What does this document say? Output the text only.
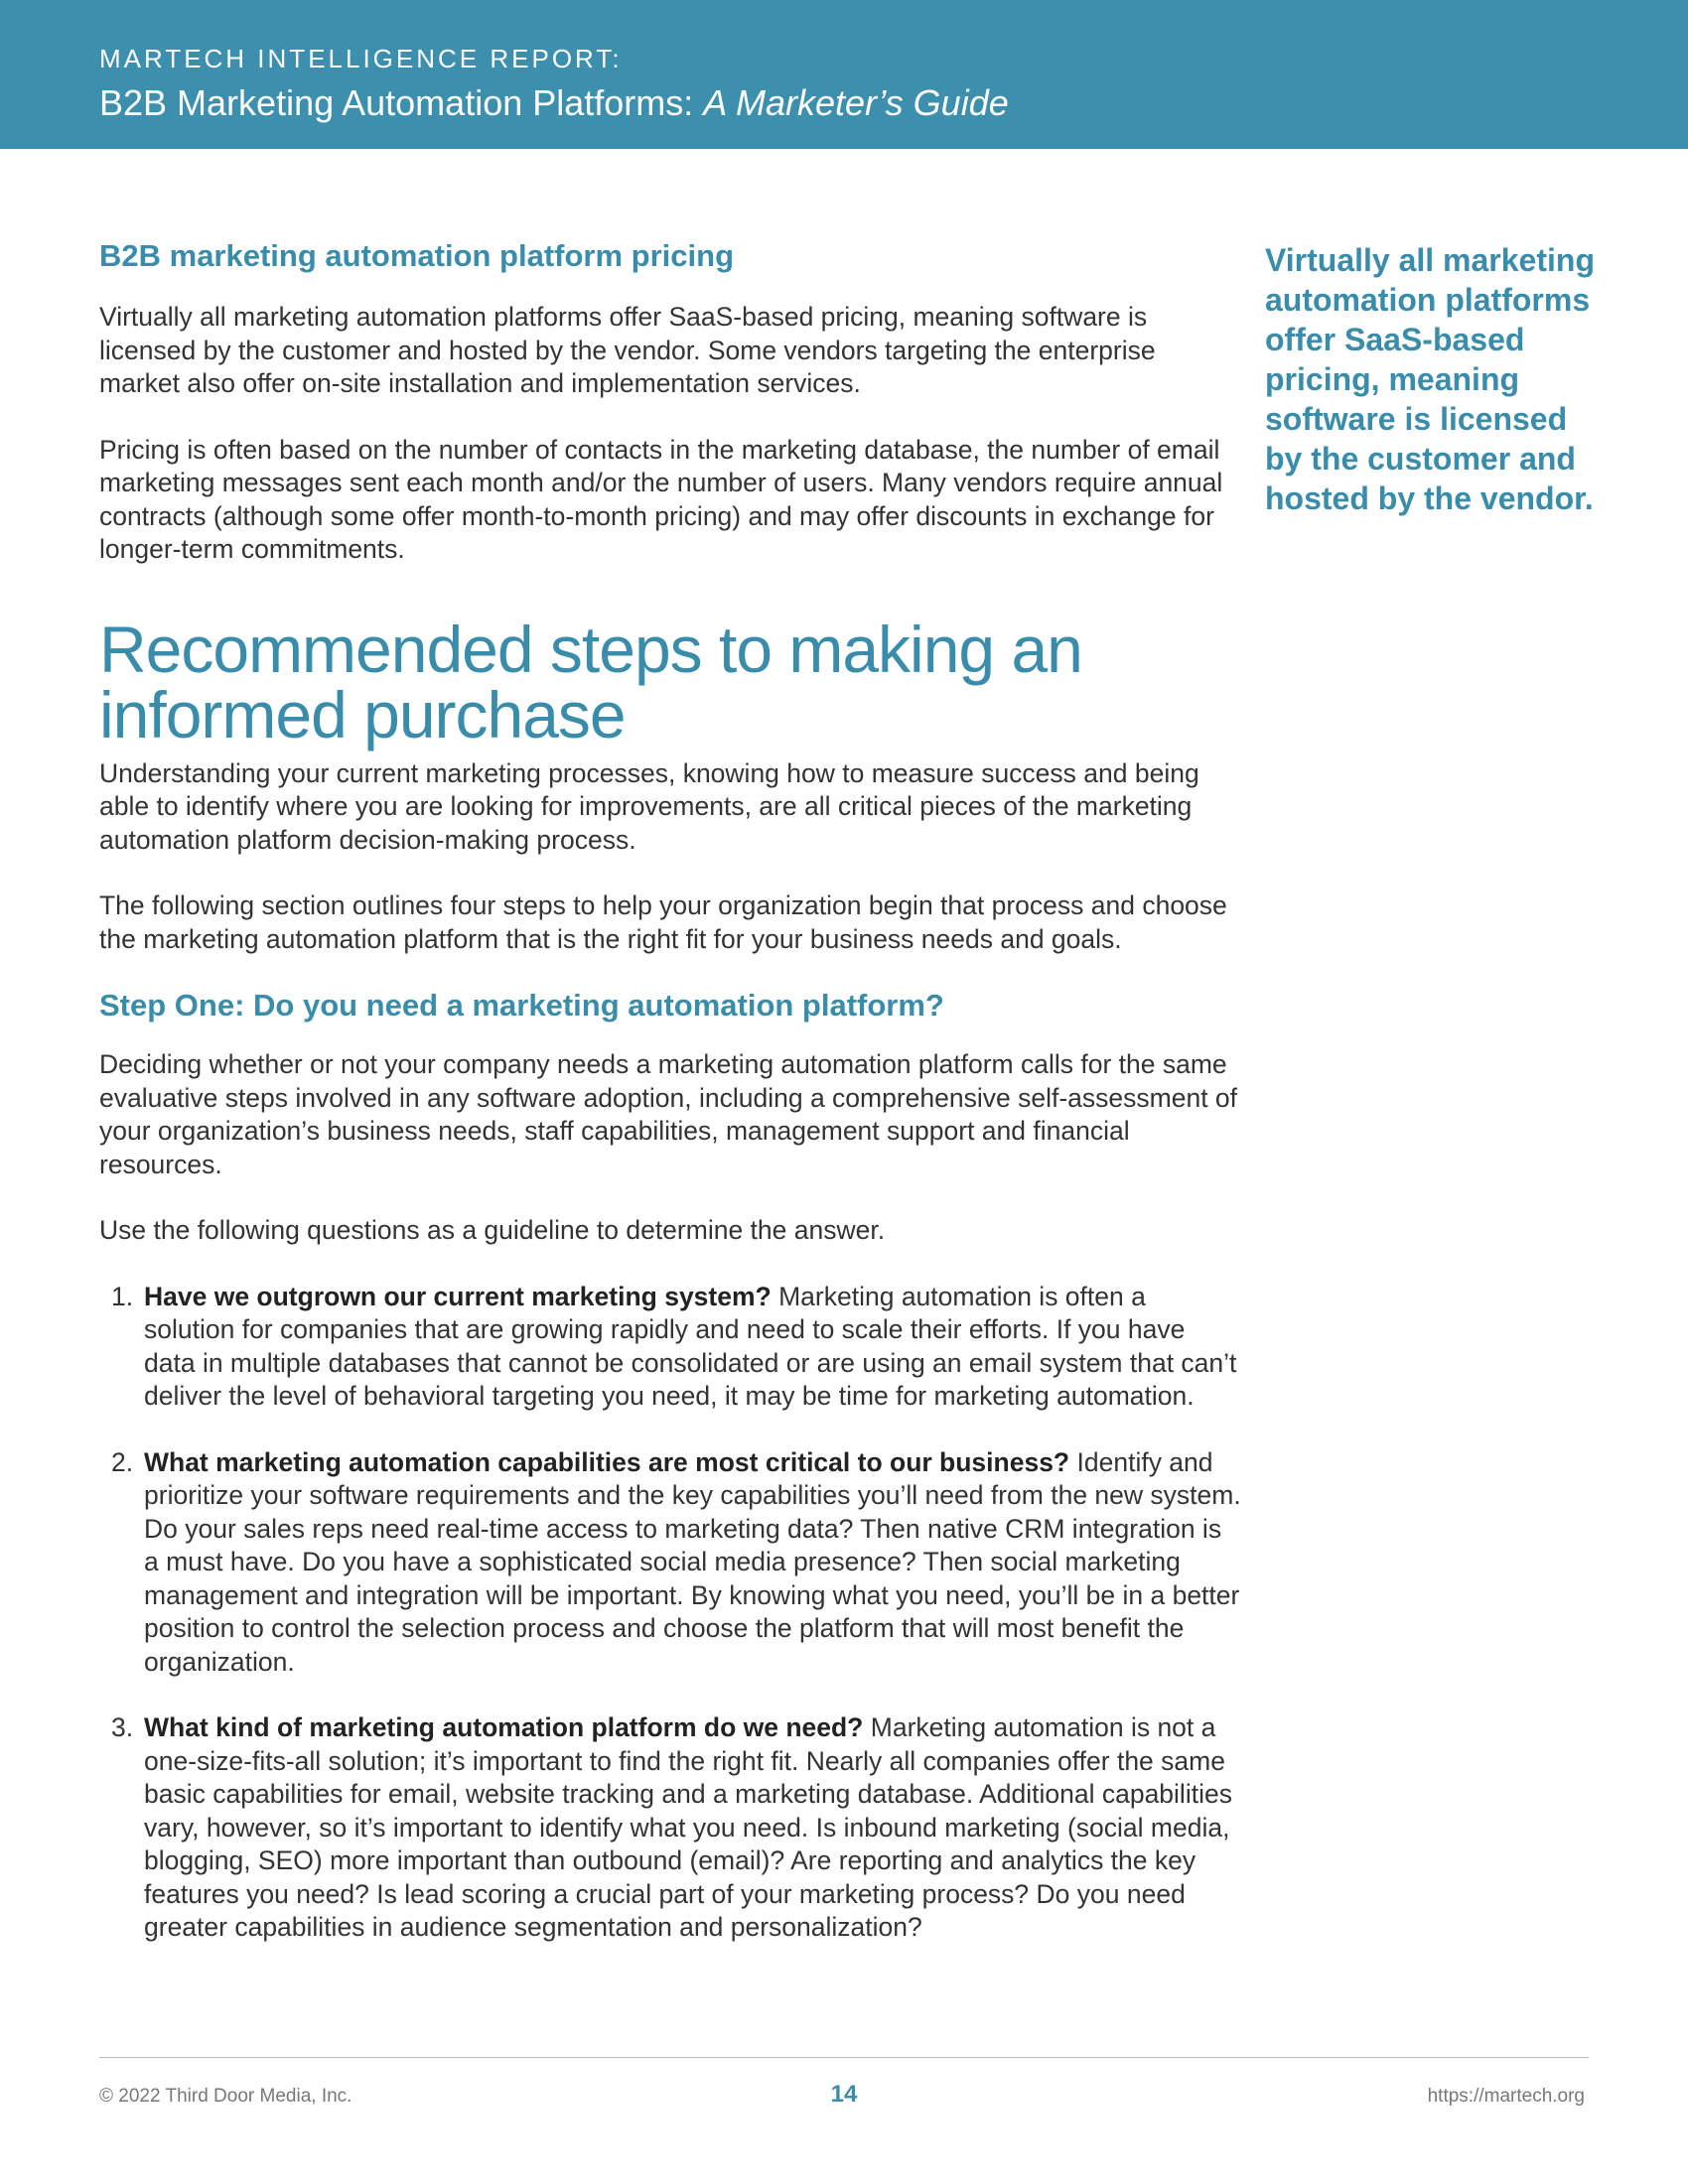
MARTECH INTELLIGENCE REPORT:
B2B Marketing Automation Platforms: A Marketer’s Guide
B2B marketing automation platform pricing

Virtually all marketing automation platforms offer SaaS-based pricing, meaning software is licensed by the customer and hosted by the vendor. Some vendors targeting the enterprise market also offer on-site installation and implementation services.

Pricing is often based on the number of contacts in the marketing database, the number of email marketing messages sent each month and/or the number of users. Many vendors require annual contracts (although some offer month-to-month pricing) and may offer discounts in exchange for longer-term commitments.

Recommended steps to making an informed purchase

Understanding your current marketing processes, knowing how to measure success and being able to identify where you are looking for improvements, are all critical pieces of the marketing automation platform decision-making process.

The following section outlines four steps to help your organization begin that process and choose the marketing automation platform that is the right fit for your business needs and goals.

Step One: Do you need a marketing automation platform?

Deciding whether or not your company needs a marketing automation platform calls for the same evaluative steps involved in any software adoption, including a comprehensive self-assessment of your organization’s business needs, staff capabilities, management support and financial resources.

Use the following questions as a guideline to determine the answer.

1. Have we outgrown our current marketing system? Marketing automation is often a solution for companies that are growing rapidly and need to scale their efforts. If you have data in multiple databases that cannot be consolidated or are using an email system that can’t deliver the level of behavioral targeting you need, it may be time for marketing automation.
2. What marketing automation capabilities are most critical to our business? Identify and prioritize your software requirements and the key capabilities you’ll need from the new system. Do your sales reps need real-time access to marketing data? Then native CRM integration is a must have. Do you have a sophisticated social media presence? Then social marketing management and integration will be important. By knowing what you need, you’ll be in a better position to control the selection process and choose the platform that will most benefit the organization.
3. What kind of marketing automation platform do we need? Marketing automation is not a one-size-fits-all solution; it’s important to find the right fit. Nearly all companies offer the same basic capabilities for email, website tracking and a marketing database. Additional capabilities vary, however, so it’s important to identify what you need. Is inbound marketing (social media, blogging, SEO) more important than outbound (email)? Are reporting and analytics the key features you need? Is lead scoring a crucial part of your marketing process? Do you need greater capabilities in audience segmentation and personalization?
Virtually all marketing automation platforms offer SaaS-based pricing, meaning software is licensed by the customer and hosted by the vendor.
© 2022 Third Door Media, Inc.	14	https://martech.org
